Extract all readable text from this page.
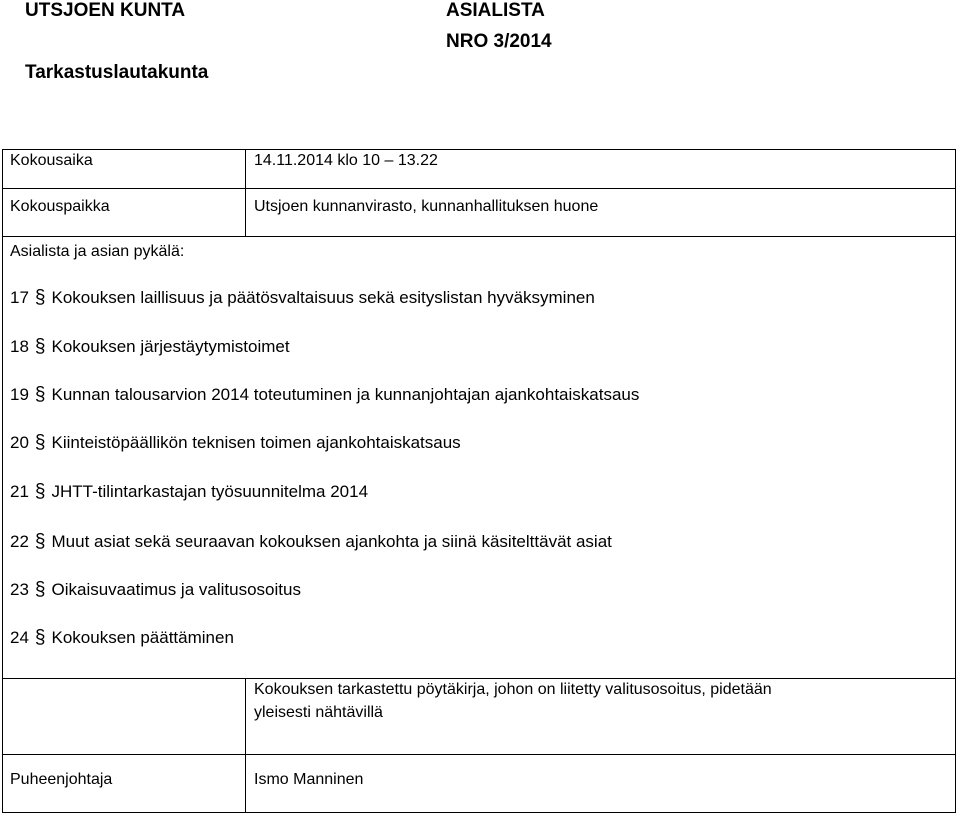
UTSJOEN KUNTA	ASIALISTA
NRO 3/2014
Tarkastuslautakunta
Kokousaika	14.11.2014 klo 10 – 13.22
Kokouspaikka	Utsjoen kunnanvirasto, kunnanhallituksen huone
Asialista ja asian pykälä:
17 § Kokouksen laillisuus ja päätösvaltaisuus sekä esityslistan hyväksyminen
18 § Kokouksen järjestäytymistoimet
19 § Kunnan talousarvion 2014 toteutuminen ja kunnanjohtajan ajankohtaiskatsaus
20 § Kiinteistöpäällikön teknisen toimen ajankohtaiskatsaus
21 § JHTT-tilintarkastajan työsuunnitelma 2014
22 § Muut asiat sekä seuraavan kokouksen ajankohta ja siinä käsitelttävät asiat
23 § Oikaisuvaatimus ja valitusosoitus
24 § Kokouksen päättäminen
Kokouksen tarkastettu pöytäkirja, johon on liitetty valitusosoitus, pidetään
yleisesti nähtävillä
Puheenjohtaja	Ismo Manninen
